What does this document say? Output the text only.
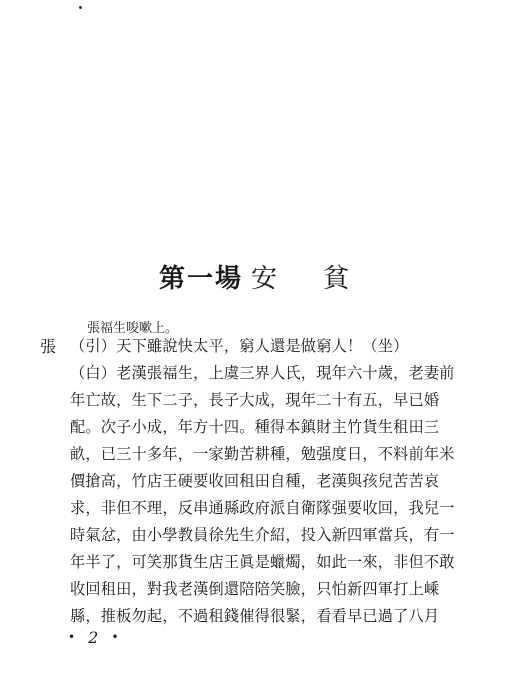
第一場 安　貧
張福生唆嗽上。
張 （引）天下雖說快太平，窮人還是做窮人！（坐）
（白）老漢張福生，上虞三界人氏，現年六十歲，老妻前
年亡故，生下二子，長子大成，現年二十有五，早已婚
配。次子小成，年方十四。種得本鎮財主竹貨生租田三
畝，已三十多年，一家勤苦耕種，勉强度日，不料前年米
價搶高，竹店王硬要收回租田自種，老漢與孩兒苦苦哀
求，非但不理，反串通縣政府派自衛隊强要收回，我兒一
時氣忿，由小學教員徐先生介紹，投入新四軍當兵，有一
年半了，可笑那貨生店王眞是蠟燭，如此一來，非但不敢
收回租田，對我老漢倒還陪陪笑臉，只怕新四軍打上嵊
縣，推板勿起，不過租錢催得很緊，看看早已過了八月
• 2 •
